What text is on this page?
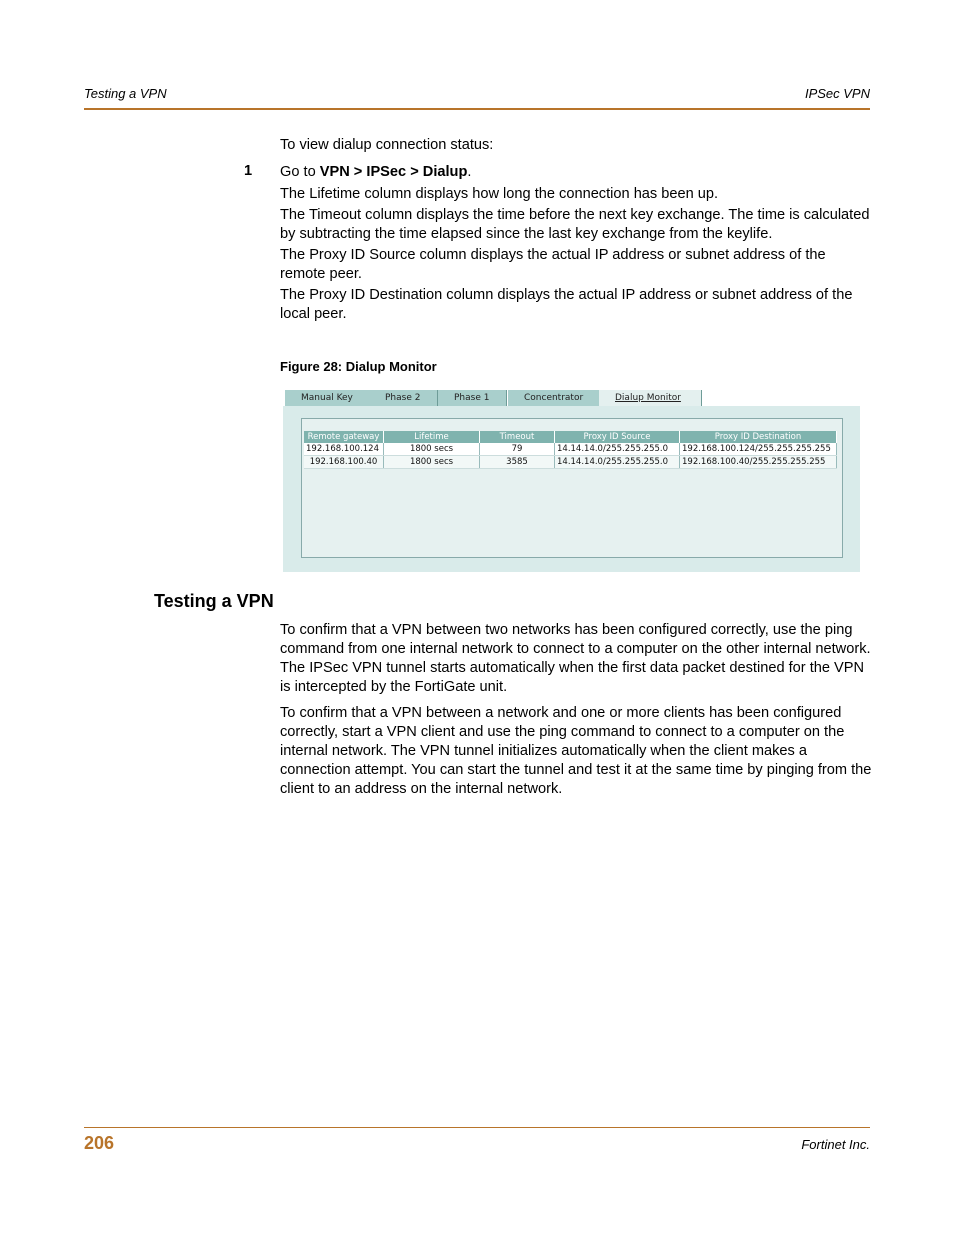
Testing a VPN	IPSec VPN
To view dialup connection status:
1 Go to VPN > IPSec > Dialup.

The Lifetime column displays how long the connection has been up.

The Timeout column displays the time before the next key exchange. The time is calculated by subtracting the time elapsed since the last key exchange from the keylife.

The Proxy ID Source column displays the actual IP address or subnet address of the remote peer.

The Proxy ID Destination column displays the actual IP address or subnet address of the local peer.

Figure 28: Dialup Monitor
Manual Key	Phase 2	Phase 1	Concentrator	Dialup Monitor
Remote gateway	Lifetime	Timeout	Proxy ID Source	Proxy ID Destination
192.168.100.124	1800 secs	79	14.14.14.0/255.255.255.0	192.168.100.124/255.255.255.255
192.168.100.40	1800 secs	3585	14.14.14.0/255.255.255.0	192.168.100.40/255.255.255.255
Testing a VPN

To confirm that a VPN between two networks has been configured correctly, use the ping command from one internal network to connect to a computer on the other internal network. The IPSec VPN tunnel starts automatically when the first data packet destined for the VPN is intercepted by the FortiGate unit.

To confirm that a VPN between a network and one or more clients has been configured correctly, start a VPN client and use the ping command to connect to a computer on the internal network. The VPN tunnel initializes automatically when the client makes a connection attempt. You can start the tunnel and test it at the same time by pinging from the client to an address on the internal network.

206	Fortinet Inc.
